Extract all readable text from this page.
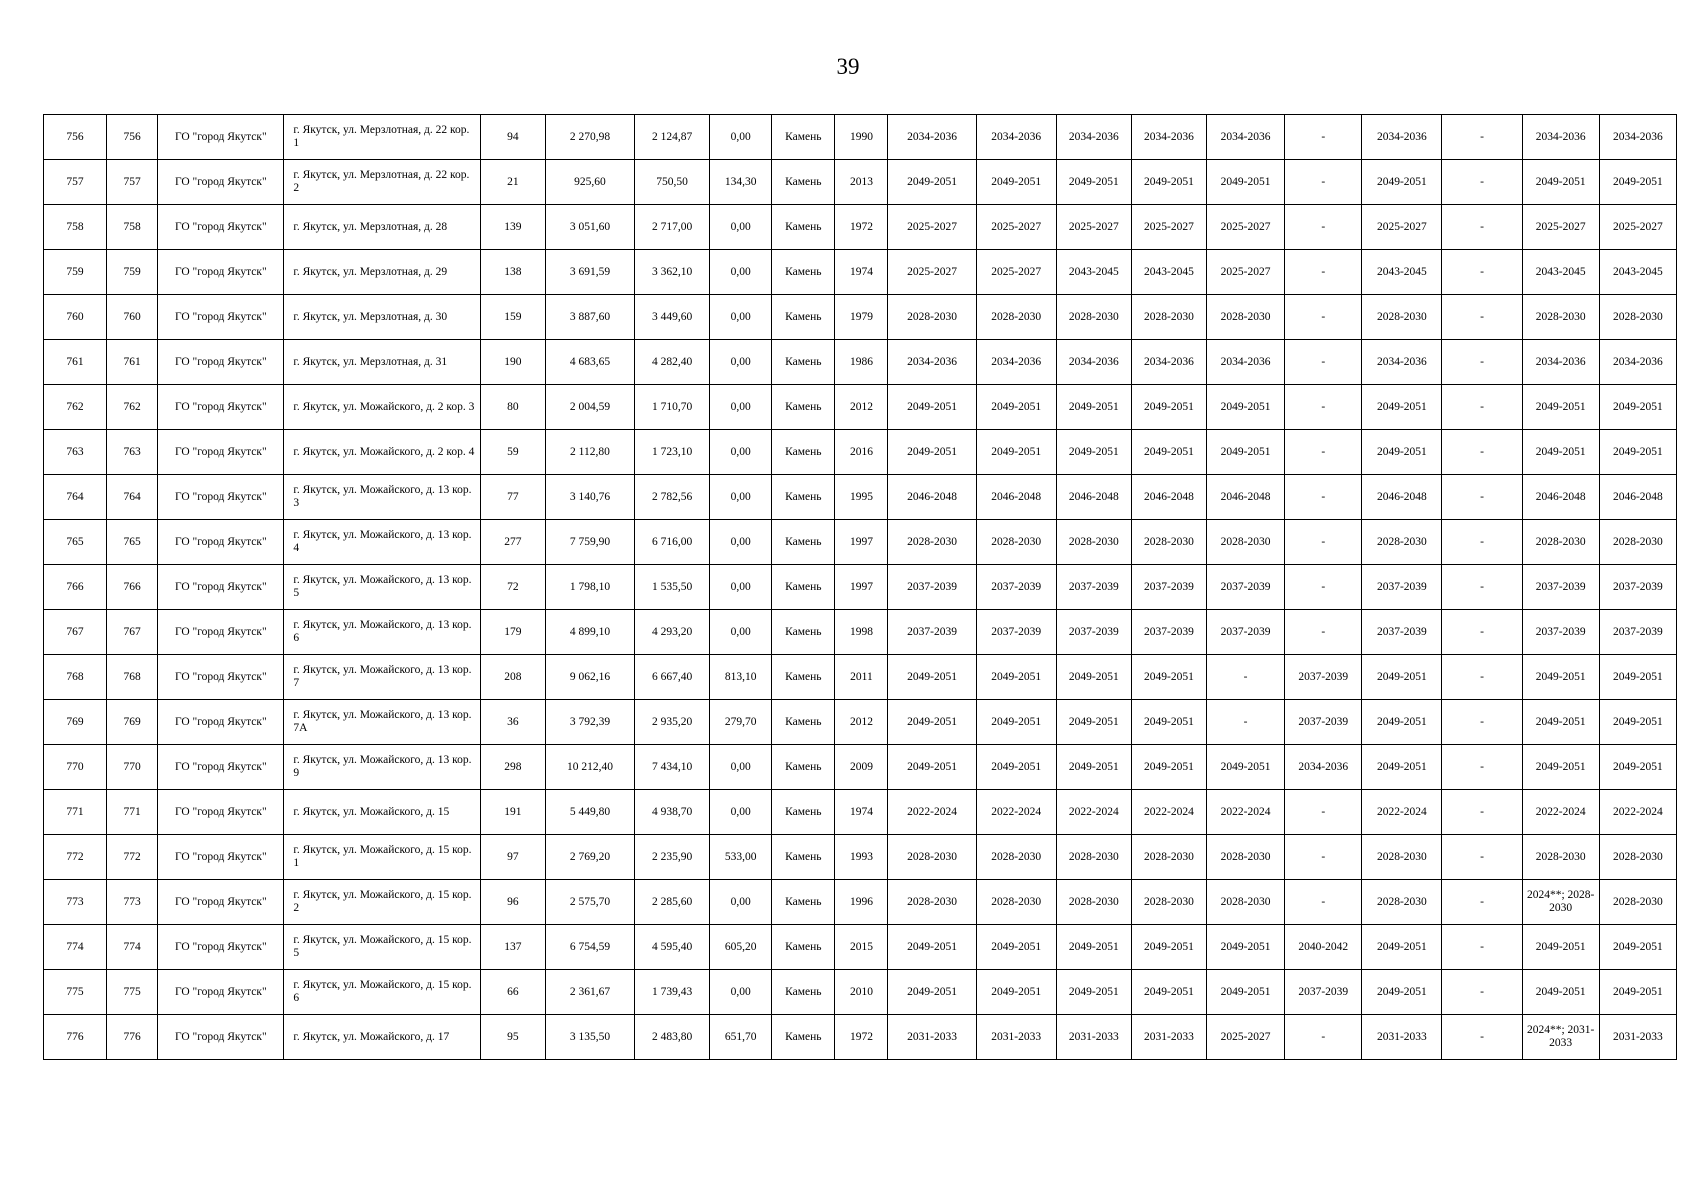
39
756	756	ГО "город Якутск"	г. Якутск, ул. Мерзлотная, д. 22 кор. 1	94	2 270,98	2 124,87	0,00	Камень	1990	2034-2036	2034-2036	2034-2036	2034-2036	2034-2036	-	2034-2036	-	2034-2036	2034-2036
757	757	ГО "город Якутск"	г. Якутск, ул. Мерзлотная, д. 22 кор. 2	21	925,60	750,50	134,30	Камень	2013	2049-2051	2049-2051	2049-2051	2049-2051	2049-2051	-	2049-2051	-	2049-2051	2049-2051
758	758	ГО "город Якутск"	г. Якутск, ул. Мерзлотная, д. 28	139	3 051,60	2 717,00	0,00	Камень	1972	2025-2027	2025-2027	2025-2027	2025-2027	2025-2027	-	2025-2027	-	2025-2027	2025-2027
759	759	ГО "город Якутск"	г. Якутск, ул. Мерзлотная, д. 29	138	3 691,59	3 362,10	0,00	Камень	1974	2025-2027	2025-2027	2043-2045	2043-2045	2025-2027	-	2043-2045	-	2043-2045	2043-2045
760	760	ГО "город Якутск"	г. Якутск, ул. Мерзлотная, д. 30	159	3 887,60	3 449,60	0,00	Камень	1979	2028-2030	2028-2030	2028-2030	2028-2030	2028-2030	-	2028-2030	-	2028-2030	2028-2030
761	761	ГО "город Якутск"	г. Якутск, ул. Мерзлотная, д. 31	190	4 683,65	4 282,40	0,00	Камень	1986	2034-2036	2034-2036	2034-2036	2034-2036	2034-2036	-	2034-2036	-	2034-2036	2034-2036
762	762	ГО "город Якутск"	г. Якутск, ул. Можайского, д. 2 кор. 3	80	2 004,59	1 710,70	0,00	Камень	2012	2049-2051	2049-2051	2049-2051	2049-2051	2049-2051	-	2049-2051	-	2049-2051	2049-2051
763	763	ГО "город Якутск"	г. Якутск, ул. Можайского, д. 2 кор. 4	59	2 112,80	1 723,10	0,00	Камень	2016	2049-2051	2049-2051	2049-2051	2049-2051	2049-2051	-	2049-2051	-	2049-2051	2049-2051
764	764	ГО "город Якутск"	г. Якутск, ул. Можайского, д. 13 кор. 3	77	3 140,76	2 782,56	0,00	Камень	1995	2046-2048	2046-2048	2046-2048	2046-2048	2046-2048	-	2046-2048	-	2046-2048	2046-2048
765	765	ГО "город Якутск"	г. Якутск, ул. Можайского, д. 13 кор. 4	277	7 759,90	6 716,00	0,00	Камень	1997	2028-2030	2028-2030	2028-2030	2028-2030	2028-2030	-	2028-2030	-	2028-2030	2028-2030
766	766	ГО "город Якутск"	г. Якутск, ул. Можайского, д. 13 кор. 5	72	1 798,10	1 535,50	0,00	Камень	1997	2037-2039	2037-2039	2037-2039	2037-2039	2037-2039	-	2037-2039	-	2037-2039	2037-2039
767	767	ГО "город Якутск"	г. Якутск, ул. Можайского, д. 13 кор. 6	179	4 899,10	4 293,20	0,00	Камень	1998	2037-2039	2037-2039	2037-2039	2037-2039	2037-2039	-	2037-2039	-	2037-2039	2037-2039
768	768	ГО "город Якутск"	г. Якутск, ул. Можайского, д. 13 кор. 7	208	9 062,16	6 667,40	813,10	Камень	2011	2049-2051	2049-2051	2049-2051	2049-2051	-	2037-2039	2049-2051	-	2049-2051	2049-2051
769	769	ГО "город Якутск"	г. Якутск, ул. Можайского, д. 13 кор. 7А	36	3 792,39	2 935,20	279,70	Камень	2012	2049-2051	2049-2051	2049-2051	2049-2051	-	2037-2039	2049-2051	-	2049-2051	2049-2051
770	770	ГО "город Якутск"	г. Якутск, ул. Можайского, д. 13 кор. 9	298	10 212,40	7 434,10	0,00	Камень	2009	2049-2051	2049-2051	2049-2051	2049-2051	2049-2051	2034-2036	2049-2051	-	2049-2051	2049-2051
771	771	ГО "город Якутск"	г. Якутск, ул. Можайского, д. 15	191	5 449,80	4 938,70	0,00	Камень	1974	2022-2024	2022-2024	2022-2024	2022-2024	2022-2024	-	2022-2024	-	2022-2024	2022-2024
772	772	ГО "город Якутск"	г. Якутск, ул. Можайского, д. 15 кор. 1	97	2 769,20	2 235,90	533,00	Камень	1993	2028-2030	2028-2030	2028-2030	2028-2030	2028-2030	-	2028-2030	-	2028-2030	2028-2030
773	773	ГО "город Якутск"	г. Якутск, ул. Можайского, д. 15 кор. 2	96	2 575,70	2 285,60	0,00	Камень	1996	2028-2030	2028-2030	2028-2030	2028-2030	2028-2030	-	2028-2030	-	2024**; 2028-2030	2028-2030
774	774	ГО "город Якутск"	г. Якутск, ул. Можайского, д. 15 кор. 5	137	6 754,59	4 595,40	605,20	Камень	2015	2049-2051	2049-2051	2049-2051	2049-2051	2049-2051	2040-2042	2049-2051	-	2049-2051	2049-2051
775	775	ГО "город Якутск"	г. Якутск, ул. Можайского, д. 15 кор. 6	66	2 361,67	1 739,43	0,00	Камень	2010	2049-2051	2049-2051	2049-2051	2049-2051	2049-2051	2037-2039	2049-2051	-	2049-2051	2049-2051
776	776	ГО "город Якутск"	г. Якутск, ул. Можайского, д. 17	95	3 135,50	2 483,80	651,70	Камень	1972	2031-2033	2031-2033	2031-2033	2031-2033	2025-2027	-	2031-2033	-	2024**; 2031-2033	2031-2033
